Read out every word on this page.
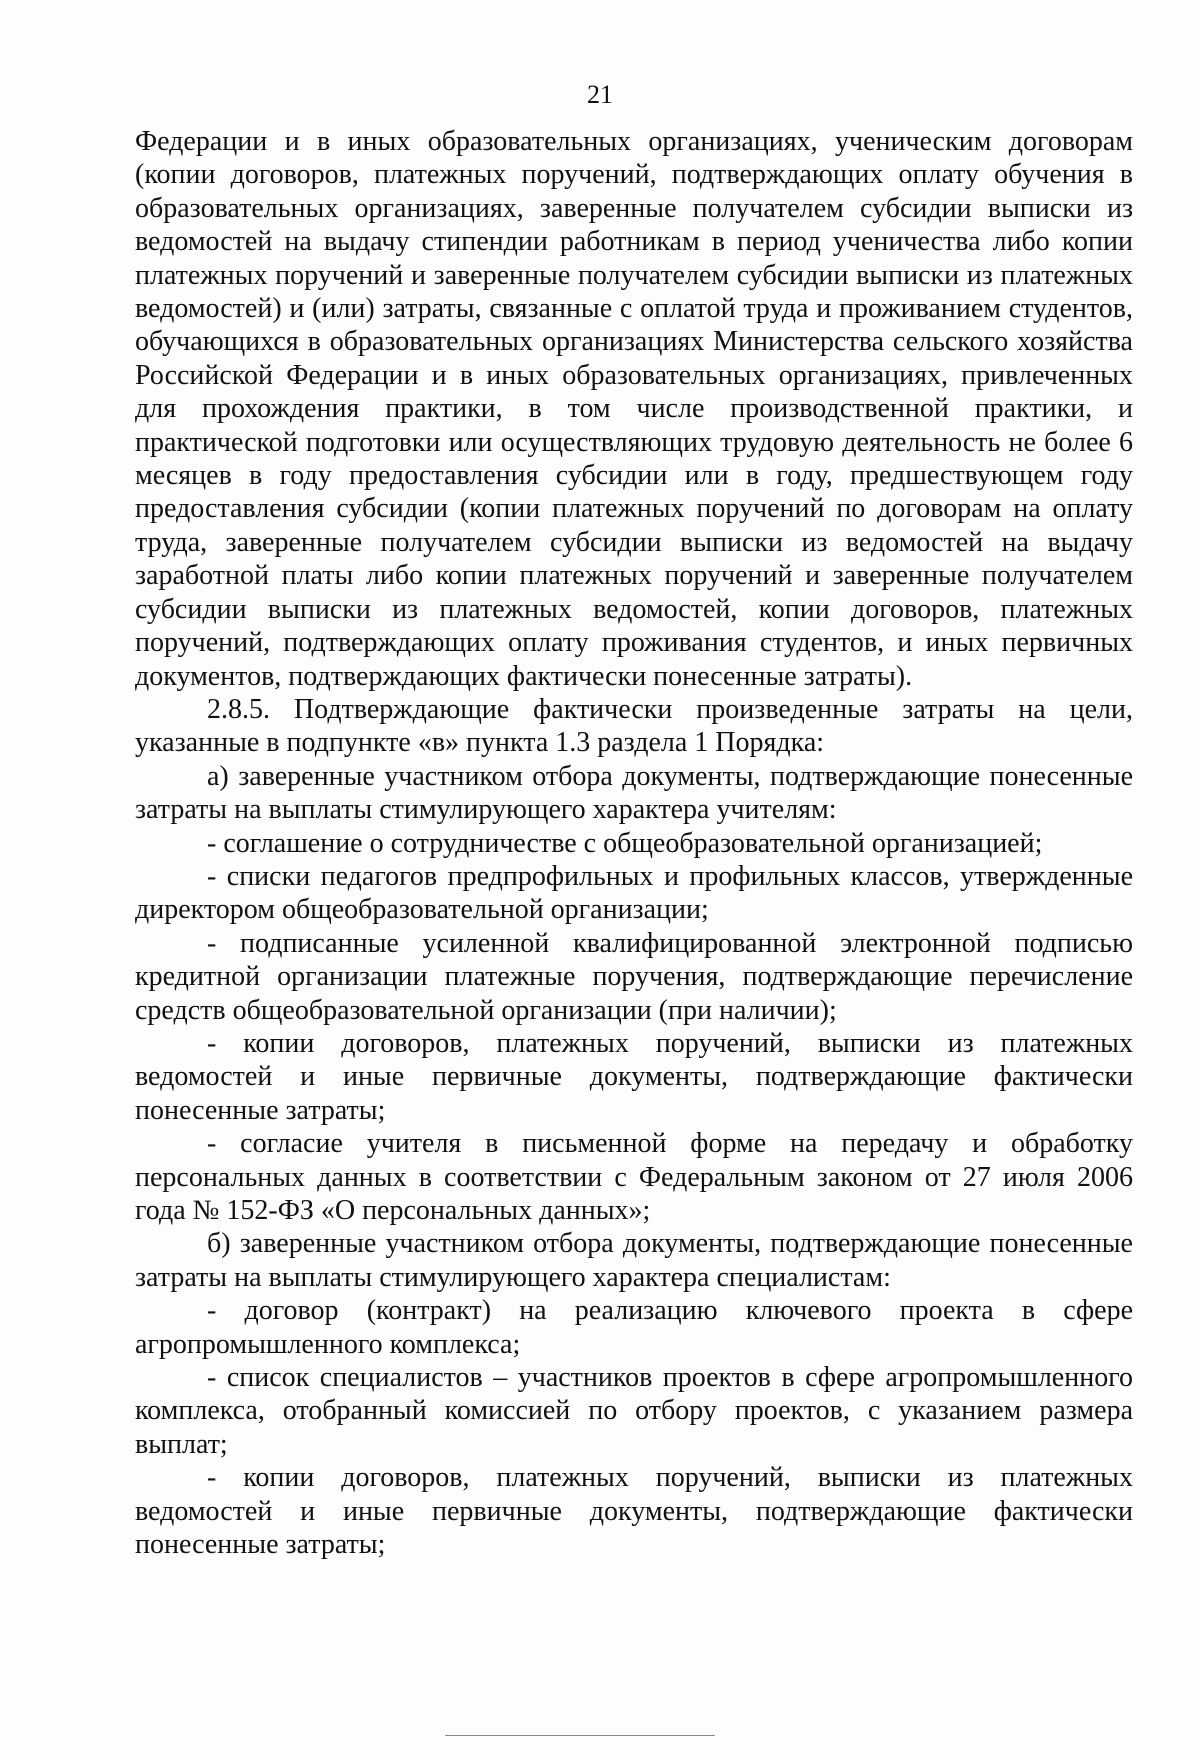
21

Федерации и в иных образовательных организациях, ученическим договорам (копии договоров, платежных поручений, подтверждающих оплату обучения в образовательных организациях, заверенные получателем субсидии выписки из ведомостей на выдачу стипендии работникам в период ученичества либо копии платежных поручений и заверенные получателем субсидии выписки из платежных ведомостей) и (или) затраты, связанные с оплатой труда и проживанием студентов, обучающихся в образовательных организациях Министерства сельского хозяйства Российской Федерации и в иных образовательных организациях, привлеченных для прохождения практики, в том числе производственной практики, и практической подготовки или осуществляющих трудовую деятельность не более 6 месяцев в году предоставления субсидии или в году, предшествующем году предоставления субсидии (копии платежных поручений по договорам на оплату труда, заверенные получателем субсидии выписки из ведомостей на выдачу заработной платы либо копии платежных поручений и заверенные получателем субсидии выписки из платежных ведомостей, копии договоров, платежных поручений, подтверждающих оплату проживания студентов, и иных первичных документов, подтверждающих фактически понесенные затраты).

2.8.5. Подтверждающие фактически произведенные затраты на цели, указанные в подпункте «в» пункта 1.3 раздела 1 Порядка:

а) заверенные участником отбора документы, подтверждающие понесенные затраты на выплаты стимулирующего характера учителям:

- соглашение о сотрудничестве с общеобразовательной организацией;

- списки педагогов предпрофильных и профильных классов, утвержденные директором общеобразовательной организации;

- подписанные усиленной квалифицированной электронной подписью кредитной организации платежные поручения, подтверждающие перечисление средств общеобразовательной организации (при наличии);

- копии договоров, платежных поручений, выписки из платежных ведомостей и иные первичные документы, подтверждающие фактически понесенные затраты;

- согласие учителя в письменной форме на передачу и обработку персональных данных в соответствии с Федеральным законом от 27 июля 2006 года № 152-ФЗ «О персональных данных»;

б) заверенные участником отбора документы, подтверждающие понесенные затраты на выплаты стимулирующего характера специалистам:

- договор (контракт) на реализацию ключевого проекта в сфере агропромышленного комплекса;

- список специалистов – участников проектов в сфере агропромышленного комплекса, отобранный комиссией по отбору проектов, с указанием размера выплат;

- копии договоров, платежных поручений, выписки из платежных ведомостей и иные первичные документы, подтверждающие фактически понесенные затраты;
